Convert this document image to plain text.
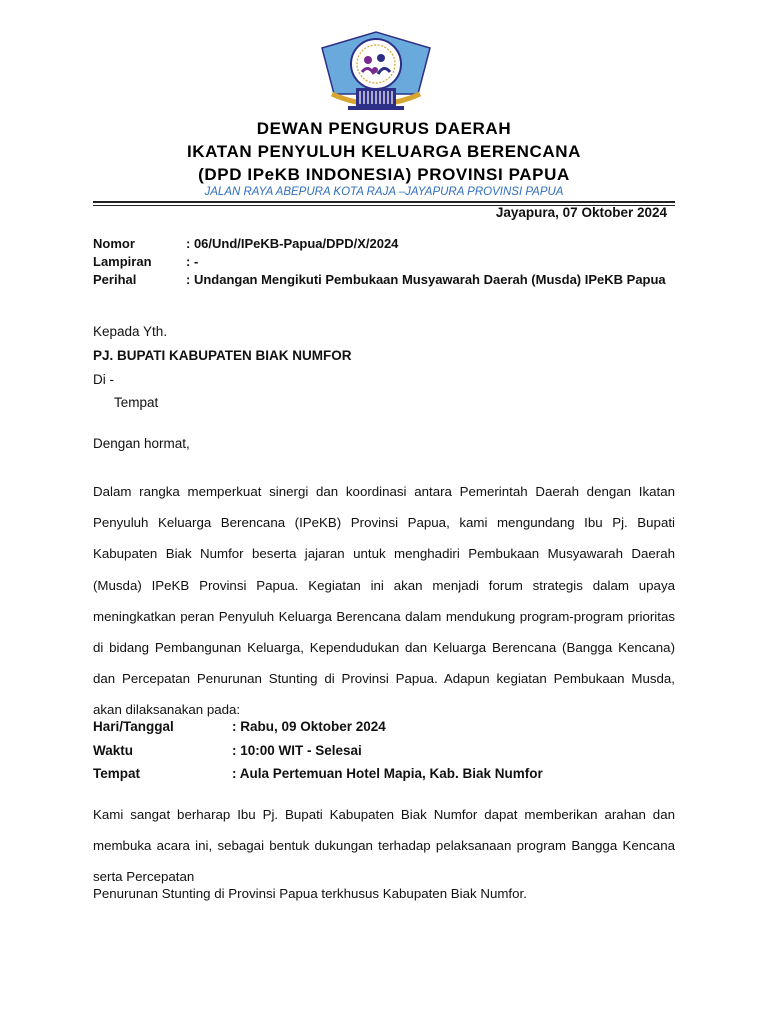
DEWAN PENGURUS DAERAH
IKATAN PENYULUH KELUARGA BERENCANA
(DPD IPeKB INDONESIA) PROVINSI PAPUA
JALAN RAYA ABEPURA KOTA RAJA –JAYAPURA PROVINSI PAPUA
Jayapura, 07 Oktober 2024
Nomor	: 06/Und/IPeKB-Papua/DPD/X/2024
Lampiran	: -
Perihal	: Undangan Mengikuti Pembukaan Musyawarah Daerah (Musda) IPeKB Papua
Kepada Yth.
PJ. BUPATI KABUPATEN BIAK NUMFOR
Di -
Tempat
Dengan hormat,
Dalam rangka memperkuat sinergi dan koordinasi antara Pemerintah Daerah dengan Ikatan Penyuluh Keluarga Berencana (IPeKB) Provinsi Papua, kami mengundang Ibu Pj. Bupati Kabupaten Biak Numfor beserta jajaran untuk menghadiri Pembukaan Musyawarah Daerah (Musda) IPeKB Provinsi Papua. Kegiatan ini akan menjadi forum strategis dalam upaya meningkatkan peran Penyuluh Keluarga Berencana dalam mendukung program-program prioritas di bidang Pembangunan Keluarga, Kependudukan dan Keluarga Berencana (Bangga Kencana) dan Percepatan Penurunan Stunting di Provinsi Papua. Adapun kegiatan Pembukaan Musda, akan dilaksanakan pada:
Hari/Tanggal	: Rabu, 09 Oktober 2024
Waktu	: 10:00 WIT - Selesai
Tempat	: Aula Pertemuan Hotel Mapia, Kab. Biak Numfor
Kami sangat berharap Ibu Pj. Bupati Kabupaten Biak Numfor dapat memberikan arahan dan membuka acara ini, sebagai bentuk dukungan terhadap pelaksanaan program Bangga Kencana serta Percepatan
Penurunan Stunting di Provinsi Papua terkhusus Kabupaten Biak Numfor.
